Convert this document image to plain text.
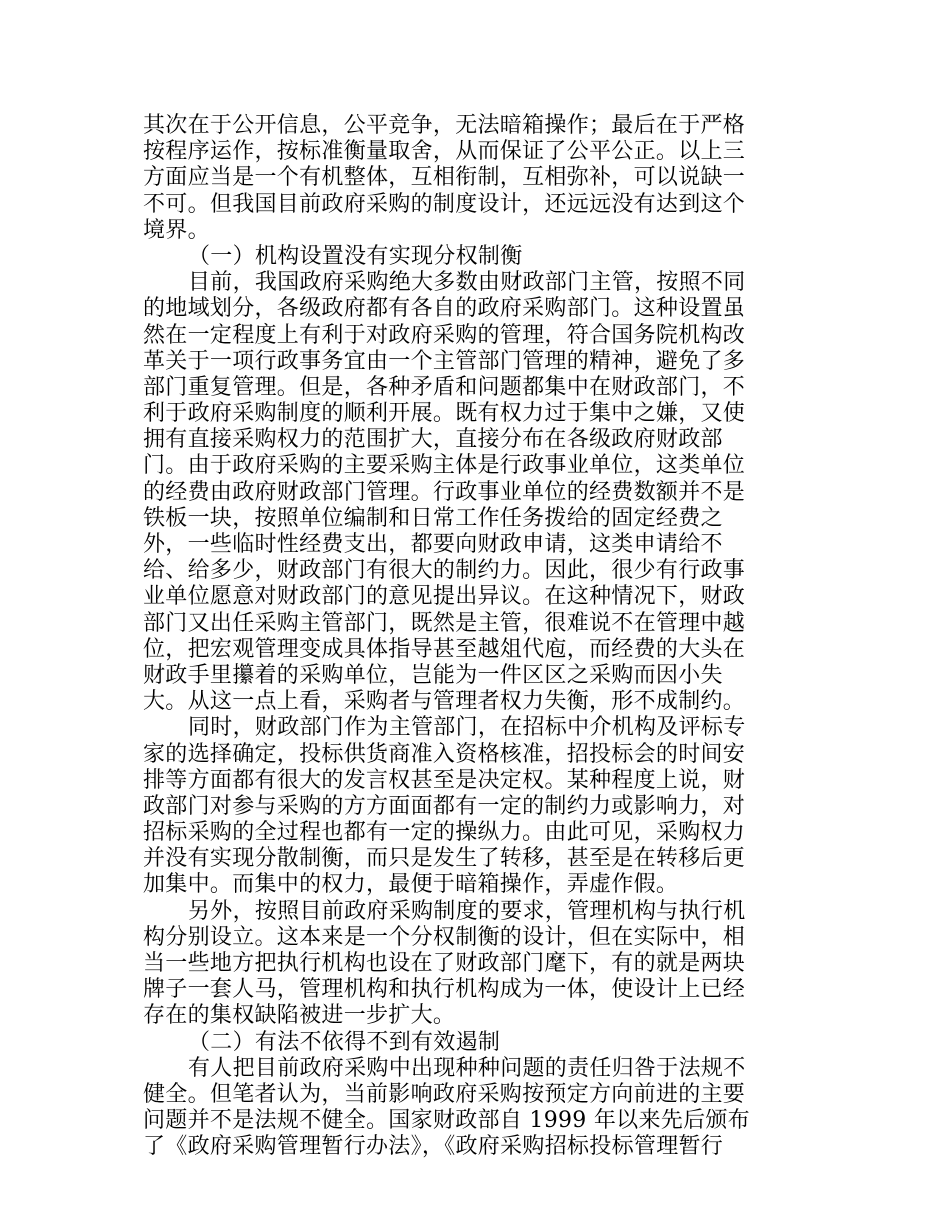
其次在于公开信息，公平竞争，无法暗箱操作；最后在于严格
按程序运作，按标准衡量取舍，从而保证了公平公正。以上三
方面应当是一个有机整体，互相衔制，互相弥补，可以说缺一
不可。但我国目前政府采购的制度设计，还远远没有达到这个
境界。
（一）机构设置没有实现分权制衡
目前，我国政府采购绝大多数由财政部门主管，按照不同
的地域划分，各级政府都有各自的政府采购部门。这种设置虽
然在一定程度上有利于对政府采购的管理，符合国务院机构改
革关于一项行政事务宜由一个主管部门管理的精神，避免了多
部门重复管理。但是，各种矛盾和问题都集中在财政部门，不
利于政府采购制度的顺利开展。既有权力过于集中之嫌，又使
拥有直接采购权力的范围扩大，直接分布在各级政府财政部
门。由于政府采购的主要采购主体是行政事业单位，这类单位
的经费由政府财政部门管理。行政事业单位的经费数额并不是
铁板一块，按照单位编制和日常工作任务拨给的固定经费之
外，一些临时性经费支出，都要向财政申请，这类申请给不
给、给多少，财政部门有很大的制约力。因此，很少有行政事
业单位愿意对财政部门的意见提出异议。在这种情况下，财政
部门又出任采购主管部门，既然是主管，很难说不在管理中越
位，把宏观管理变成具体指导甚至越俎代庖，而经费的大头在
财政手里攥着的采购单位，岂能为一件区区之采购而因小失
大。从这一点上看，采购者与管理者权力失衡，形不成制约。
同时，财政部门作为主管部门，在招标中介机构及评标专
家的选择确定，投标供货商准入资格核准，招投标会的时间安
排等方面都有很大的发言权甚至是决定权。某种程度上说，财
政部门对参与采购的方方面面都有一定的制约力或影响力，对
招标采购的全过程也都有一定的操纵力。由此可见，采购权力
并没有实现分散制衡，而只是发生了转移，甚至是在转移后更
加集中。而集中的权力，最便于暗箱操作，弄虚作假。
另外，按照目前政府采购制度的要求，管理机构与执行机
构分别设立。这本来是一个分权制衡的设计，但在实际中，相
当一些地方把执行机构也设在了财政部门麾下，有的就是两块
牌子一套人马，管理机构和执行机构成为一体，使设计上已经
存在的集权缺陷被进一步扩大。
（二）有法不依得不到有效遏制
有人把目前政府采购中出现种种问题的责任归咎于法规不
健全。但笔者认为，当前影响政府采购按预定方向前进的主要
问题并不是法规不健全。国家财政部自 1999 年以来先后颁布
了《政府采购管理暂行办法》，《政府采购招标投标管理暂行
